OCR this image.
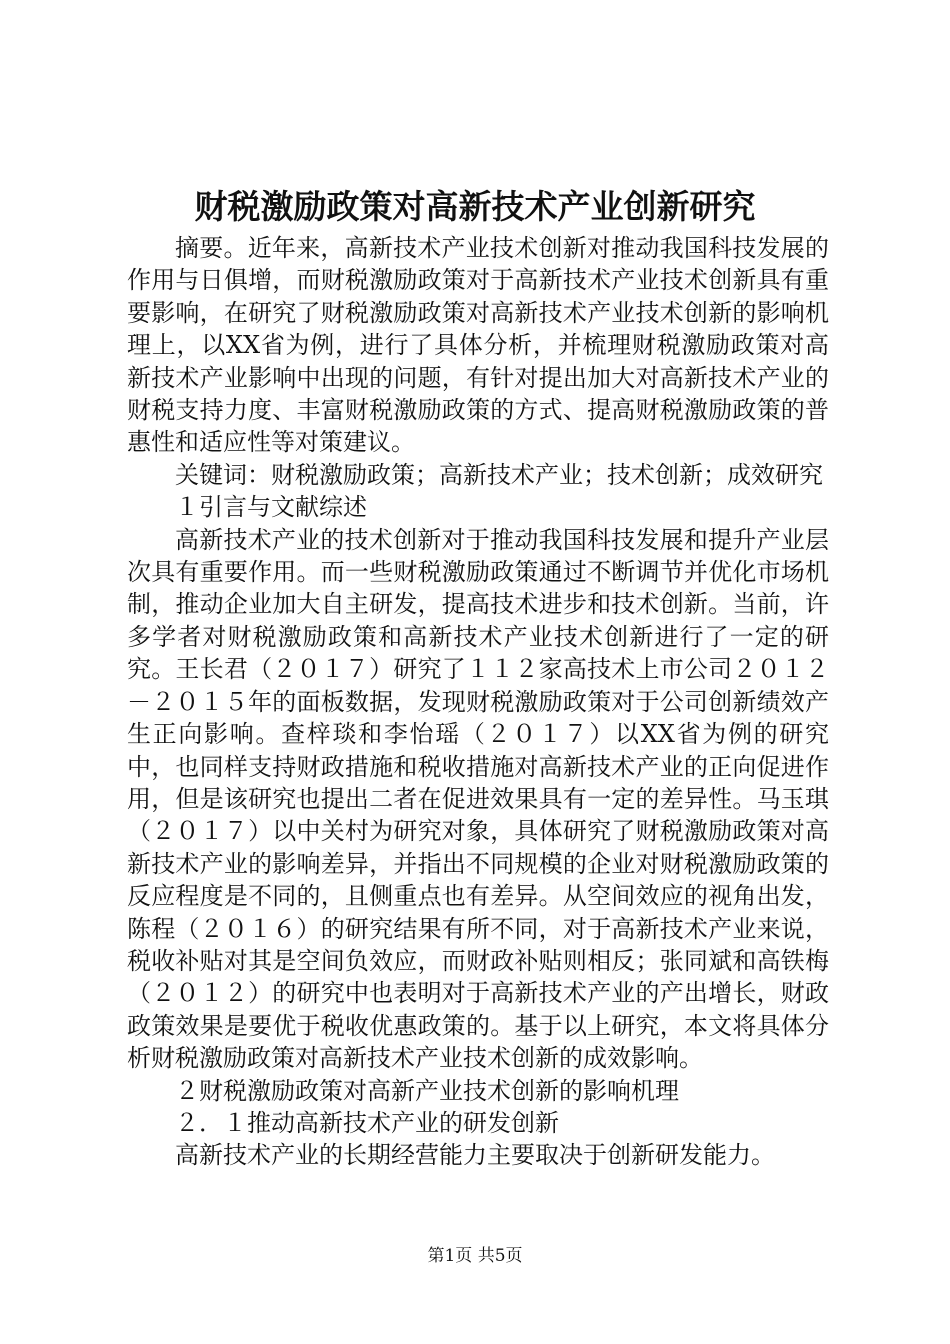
财税激励政策对高新技术产业创新研究

摘要。近年来，高新技术产业技术创新对推动我国科技发展的作用与日俱增，而财税激励政策对于高新技术产业技术创新具有重要影响，在研究了财税激励政策对高新技术产业技术创新的影响机理上，以XX省为例，进行了具体分析，并梳理财税激励政策对高新技术产业影响中出现的问题，有针对提出加大对高新技术产业的财税支持力度、丰富财税激励政策的方式、提高财税激励政策的普惠性和适应性等对策建议。

关键词：财税激励政策；高新技术产业；技术创新；成效研究

１引言与文献综述

高新技术产业的技术创新对于推动我国科技发展和提升产业层次具有重要作用。而一些财税激励政策通过不断调节并优化市场机制，推动企业加大自主研发，提高技术进步和技术创新。当前，许多学者对财税激励政策和高新技术产业技术创新进行了一定的研究。王长君（２０１７）研究了１１２家高技术上市公司２０１２－２０１５年的面板数据，发现财税激励政策对于公司创新绩效产生正向影响。查梓琰和李怡瑶（２０１７）以XX省为例的研究中，也同样支持财政措施和税收措施对高新技术产业的正向促进作用，但是该研究也提出二者在促进效果具有一定的差异性。马玉琪（２０１７）以中关村为研究对象，具体研究了财税激励政策对高新技术产业的影响差异，并指出不同规模的企业对财税激励政策的反应程度是不同的，且侧重点也有差异。从空间效应的视角出发，陈程（２０１６）的研究结果有所不同，对于高新技术产业来说，税收补贴对其是空间负效应，而财政补贴则相反；张同斌和高铁梅（２０１２）的研究中也表明对于高新技术产业的产出增长，财政政策效果是要优于税收优惠政策的。基于以上研究，本文将具体分析财税激励政策对高新技术产业技术创新的成效影响。

２财税激励政策对高新产业技术创新的影响机理

２．１推动高新技术产业的研发创新

高新技术产业的长期经营能力主要取决于创新研发能力。

第1页 共5页
